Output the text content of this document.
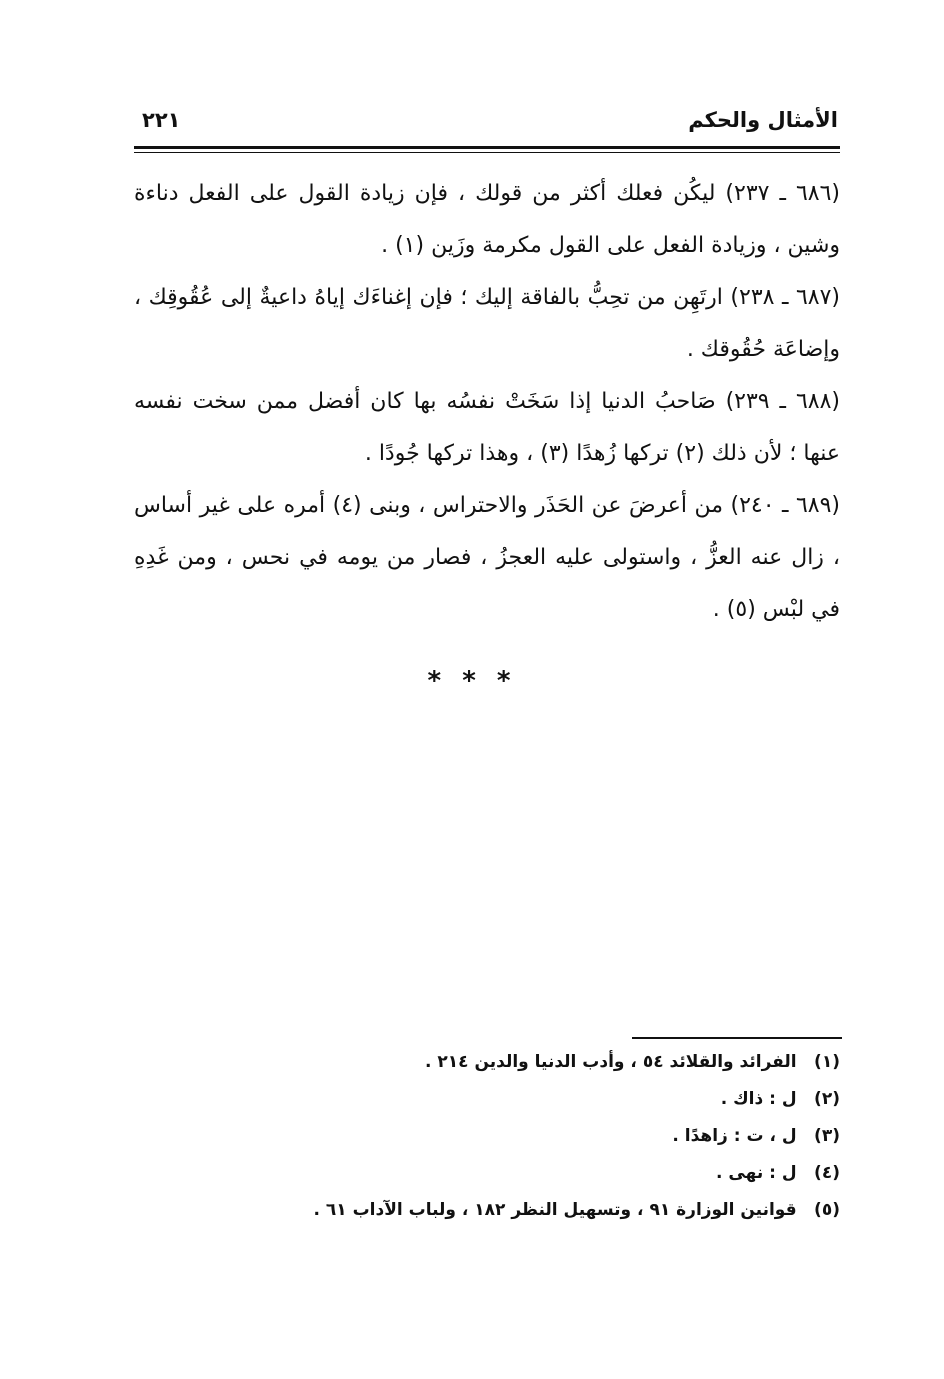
الأمثال والحكم
٢٢١

(٦٨٦ ـ ٢٣٧) ليكُن فعلك أكثر من قولك ، فإن زيادة القول على الفعل دناءة وشين ، وزيادة الفعل على القول مكرمة وزَين (١) .

(٦٨٧ ـ ٢٣٨) ارتَهِن من تحِبُّ بالفاقة إليك ؛ فإن إغناءَك إياهُ داعيةٌ إلى عُقُوقِك ، وإضاعَة حُقُوقك .

(٦٨٨ ـ ٢٣٩) صَاحبُ الدنيا إذا سَخَتْ نفسُه بها كان أفضل ممن سخت نفسه عنها ؛ لأن ذلك (٢) تركها زُهدًا (٣) ، وهذا تركها جُودًا .

(٦٨٩ ـ ٢٤٠) من أعرضَ عن الحَذَر والاحتراس ، وبنى (٤) أمره على غير أساس ، زال عنه العزُّ ، واستولى عليه العجزُ ، فصار من يومه في نحس ، ومن غَدِهِ في لبْس (٥) .

* * *
(١) الفرائد والقلائد ٥٤ ، وأدب الدنيا والدين ٢١٤ .
(٢) ل : ذاك .
(٣) ل ، ت : زاهدًا .
(٤) ل : نهى .
(٥) قوانين الوزارة ٩١ ، وتسهيل النظر ١٨٢ ، ولباب الآداب ٦١ .
